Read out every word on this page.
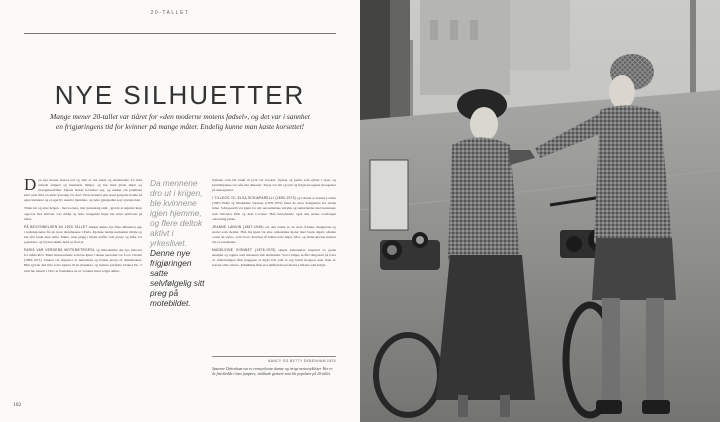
20-TALLET
NYE SILHUETTER
Mange mener 20-tallet var tiåret for «den moderne motens fødsel», og det var i sannhet en frigjøringens tid for kvinner på mange måter. Endelig kunne man kaste korsettet!

Den nye moten bestod rett og slett av det enkle og løstsittende. Ut med stivede snipper og innsnørte midjer, og inn med glatte linjer og bevegelsesfrihet. Tidene hadde forandret seg, og ønsket om praktiske klær som tillot en aktiv hverdag var stort. Flere kvinner enn noen gang før hadde nå egne inntekter og et eget liv utenfor hjemmet, og dette gjenspeilet seg i garderoben.

Tiden før og etter krigen - mot kortere, mer gutteaktig snitt - gjorde at skjørtet krøp oppover mot knærne. Lav midje og rette, hengende linjer ble selve symbolet på tiåret.

PÅ BEGYNNELSEN AV 1920-TALLET dukket denne nye flate silhuetten opp i kolleksjonene fra de store motehusene i Paris. Kjolene hadde nedsenket midje og ble ofte brukt uten belte. Enkle, rette plagg i myke stoffer som jersey og silke var populære, og brystet skulle helst se flatt ut.

PARIS VAR VERDENS MOTEMETROPOL og tilfredsstilte det nye behovet for enkle klær. Blant motenavnene som ble kjent i denne perioden var Coco Chanel (1883-1971). Chanel var inspirert av herremote og brukte jersey til damedrakter. Hun gjorde den lille sorte kjolen til en klassiker, og hennes parfyme Chanel No. 5 som ble lansert i 1921 er fremdeles en av verdens mest solgte dufter.

Da mennene dro ut i krigen, ble kvinnene igjen hjemme, og flere deltok aktivt i yrkeslivet. Denne nye frigjøringen satte selvfølgelig sitt preg på motebildet.

Nyheter som ble brukt til pynt var broderi, frynser og perler som glitret i lyset, og kveldskjolene var ofte rikt dekorert. Tøyet var lett og tynt og fulgte kroppens bevegelser på dansegulvet.

I TILLEGG TIL ELSA SCHIAPARELLI (1890-1973) og Chanel er Jeanne Lanvin (1867-1946) og Madeleine Vionnet (1876-1975) blant de store designerne fra denne tiden. Schiaparelli var kjent for sitt surrealistiske uttrykk og samarbeidet med kunstnere som Salvador Dalí og Jean Cocteau. Hun introduserte også den sterke rosafargen «shocking pink».

JEANNE LANVIN (1867-1946) var den eldste av de store franske designerne og startet som modist. Hun ble kjent for sine romantiske kjoler med brede skjørt, såkalte «robe de style», som stod i kontrast til tidens rette linjer. Mor- og datter-klærne hennes ble et varemerke.

MADELEINE VIONNET (1876-1975) skapte kvinneklær inspirert av gresk skulptur og regnes som mesteren bak skråsnittet. Ved å klippe stoffet diagonalt på tvers av trådretningen fikk plaggene et mykt fall som la seg inntil kroppen uten bruk av korsett eller stivere. Teknikken fikk stor innflytelse på moten i tiårene som fulgte.

NANCY OG BETTY DEBENHAM 1925
Søstrene Debenham var to eventyrlystne damer og ivrige motorsyklister. Her er de fint kledde i lune jumpers; strikkede gensere som ble populære på 20-tallet.
102
